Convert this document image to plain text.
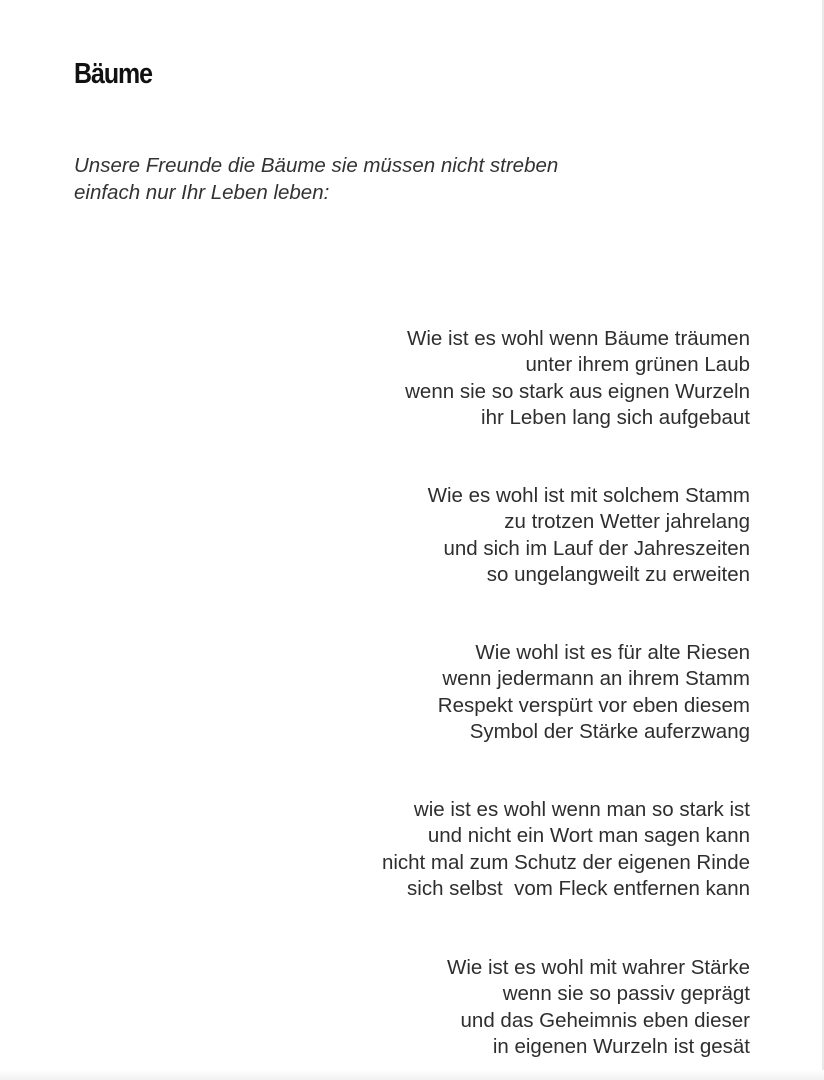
Bäume
Unsere Freunde die Bäume sie müssen nicht streben
einfach nur Ihr Leben leben:
Wie ist es wohl wenn Bäume träumen
unter ihrem grünen Laub
wenn sie so stark aus eignen Wurzeln
ihr Leben lang sich aufgebaut
Wie es wohl ist mit solchem Stamm
zu trotzen Wetter jahrelang
und sich im Lauf der Jahreszeiten
so ungelangweilt zu erweiten
Wie wohl ist es für alte Riesen
wenn jedermann an ihrem Stamm
Respekt verspürt vor eben diesem
Symbol der Stärke auferzwang
wie ist es wohl wenn man so stark ist
und nicht ein Wort man sagen kann
nicht mal zum Schutz der eigenen Rinde
sich selbst  vom Fleck entfernen kann
Wie ist es wohl mit wahrer Stärke
wenn sie so passiv geprägt
und das Geheimnis eben dieser
in eigenen Wurzeln ist gesät
